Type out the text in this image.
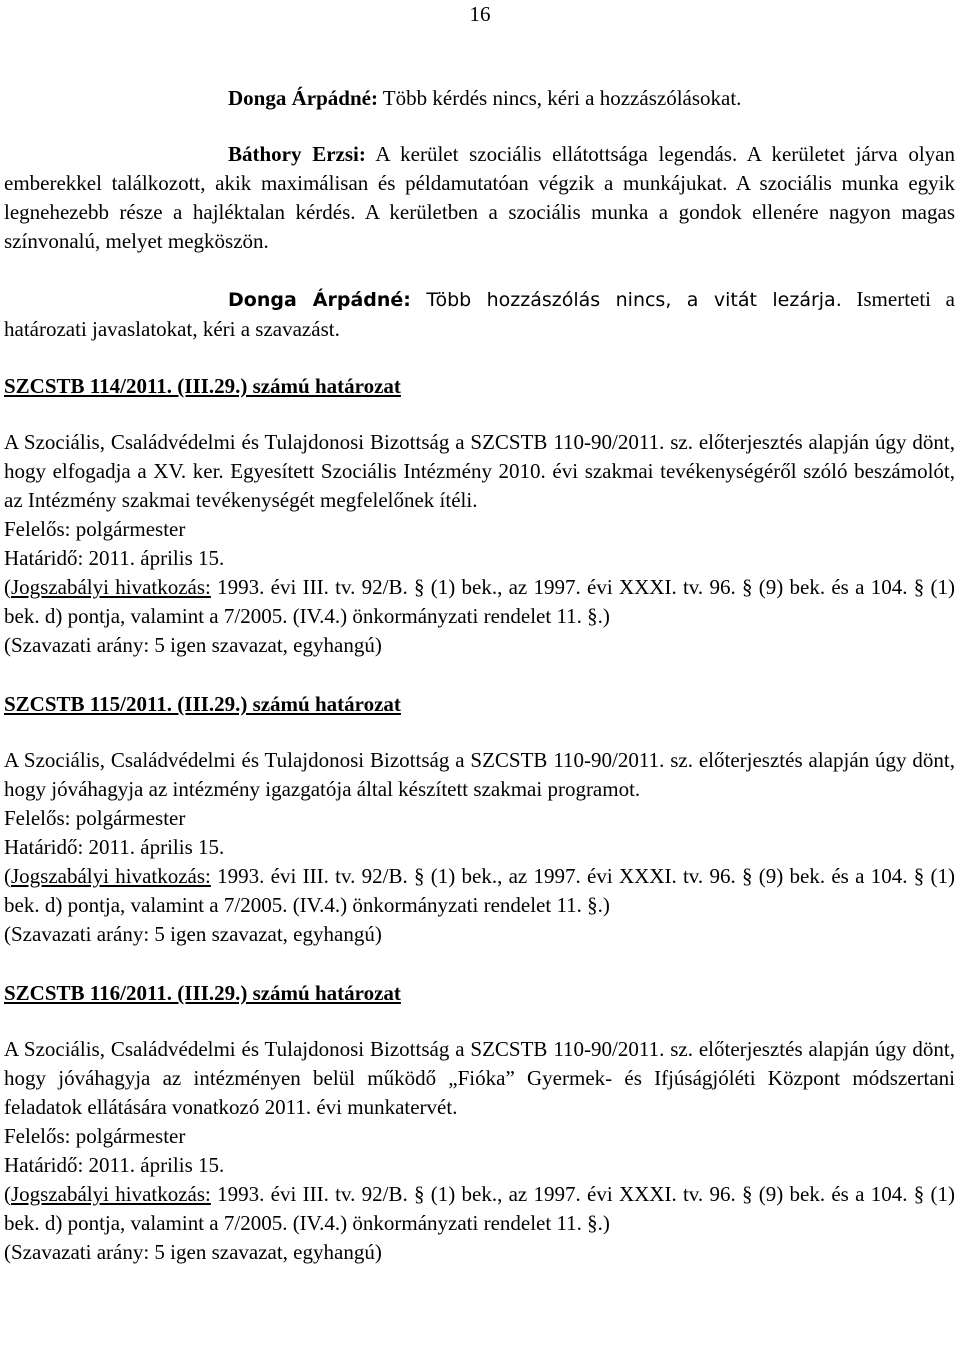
16

Donga Árpádné: Több kérdés nincs, kéri a hozzászólásokat.

Báthory Erzsi: A kerület szociális ellátottsága legendás. A kerületet járva olyan emberekkel találkozott, akik maximálisan és példamutatóan végzik a munkájukat. A szociális munka egyik legnehezebb része a hajléktalan kérdés. A kerületben a szociális munka a gondok ellenére nagyon magas színvonalú, melyet megköszön.

Donga Árpádné: Több hozzászólás nincs, a vitát lezárja. Ismerteti a határozati javaslatokat, kéri a szavazást.

SZCSTB 114/2011. (III.29.) számú határozat

A Szociális, Családvédelmi és Tulajdonosi Bizottság a SZCSTB 110-90/2011. sz. előterjesztés alapján úgy dönt, hogy elfogadja a XV. ker. Egyesített Szociális Intézmény 2010. évi szakmai tevékenységéről szóló beszámolót, az Intézmény szakmai tevékenységét megfelelőnek ítéli.

Felelős: polgármester

Határidő: 2011. április 15.

(Jogszabályi hivatkozás: 1993. évi III. tv. 92/B. § (1) bek., az 1997. évi XXXI. tv. 96. § (9) bek. és a 104. § (1) bek. d) pontja, valamint a 7/2005. (IV.4.) önkormányzati rendelet 11. §.)

(Szavazati arány: 5 igen szavazat, egyhangú)

SZCSTB 115/2011. (III.29.) számú határozat

A Szociális, Családvédelmi és Tulajdonosi Bizottság a SZCSTB 110-90/2011. sz. előterjesztés alapján úgy dönt, hogy jóváhagyja az intézmény igazgatója által készített szakmai programot.

Felelős: polgármester

Határidő: 2011. április 15.

(Jogszabályi hivatkozás: 1993. évi III. tv. 92/B. § (1) bek., az 1997. évi XXXI. tv. 96. § (9) bek. és a 104. § (1) bek. d) pontja, valamint a 7/2005. (IV.4.) önkormányzati rendelet 11. §.)

(Szavazati arány: 5 igen szavazat, egyhangú)

SZCSTB 116/2011. (III.29.) számú határozat

A Szociális, Családvédelmi és Tulajdonosi Bizottság a SZCSTB 110-90/2011. sz. előterjesztés alapján úgy dönt, hogy jóváhagyja az intézményen belül működő „Fióka” Gyermek- és Ifjúságjóléti Központ módszertani feladatok ellátására vonatkozó 2011. évi munkatervét.

Felelős: polgármester

Határidő: 2011. április 15.

(Jogszabályi hivatkozás: 1993. évi III. tv. 92/B. § (1) bek., az 1997. évi XXXI. tv. 96. § (9) bek. és a 104. § (1) bek. d) pontja, valamint a 7/2005. (IV.4.) önkormányzati rendelet 11. §.)

(Szavazati arány: 5 igen szavazat, egyhangú)
